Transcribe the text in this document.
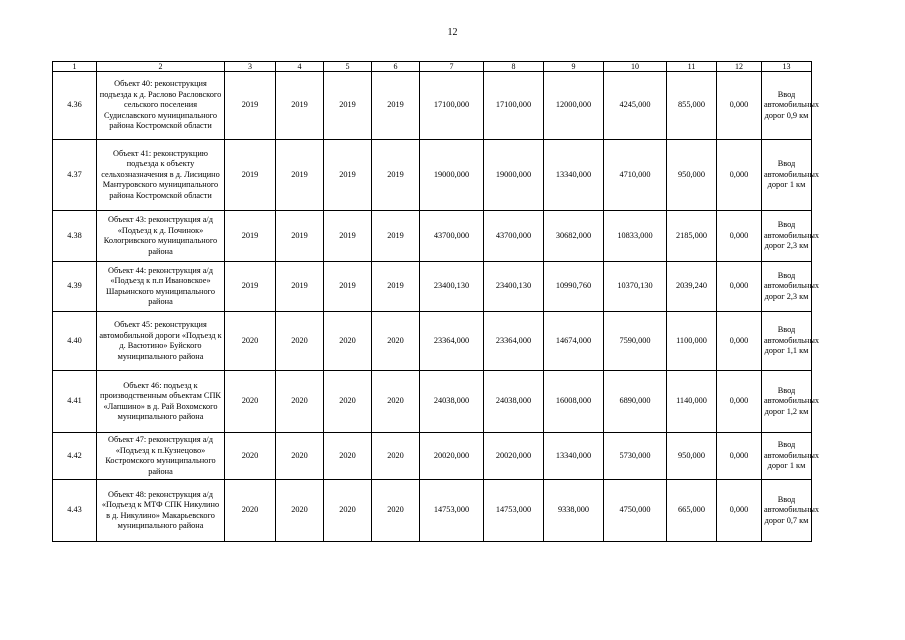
12
1	2	3	4	5	6	7	8	9	10	11	12	13
4.36	Объект 40: реконструкция подъезда к д. Раслово Расловского сельского поселения Судиславского муниципального района Костромской области	2019	2019	2019	2019	17100,000	17100,000	12000,000	4245,000	855,000	0,000	Ввод автомобильных дорог 0,9 км
4.37	Объект 41: реконструкцию подъезда к объекту сельхозназначения в д. Лисицино Мантуровского муниципального района Костромской области	2019	2019	2019	2019	19000,000	19000,000	13340,000	4710,000	950,000	0,000	Ввод автомобильных дорог 1 км
4.38	Объект 43: реконструкция а/д «Подъезд к д. Починок» Кологривского муниципального района	2019	2019	2019	2019	43700,000	43700,000	30682,000	10833,000	2185,000	0,000	Ввод автомобильных дорог 2,3 км
4.39	Объект 44: реконструкция а/д «Подъезд к п.п Ивановское» Шарьинского муниципального района	2019	2019	2019	2019	23400,130	23400,130	10990,760	10370,130	2039,240	0,000	Ввод автомобильных дорог 2,3 км
4.40	Объект 45: реконструкция автомобильной дороги «Подъезд к д. Васютино» Буйского муниципального района	2020	2020	2020	2020	23364,000	23364,000	14674,000	7590,000	1100,000	0,000	Ввод автомобильных дорог 1,1 км
4.41	Объект 46: подъезд к производственным объектам СПК «Лапшино» в д. Рай Вохомского муниципального района	2020	2020	2020	2020	24038,000	24038,000	16008,000	6890,000	1140,000	0,000	Ввод автомобильных дорог 1,2 км
4.42	Объект 47: реконструкция а/д «Подъезд к п.Кузнецово» Костромского муниципального района	2020	2020	2020	2020	20020,000	20020,000	13340,000	5730,000	950,000	0,000	Ввод автомобильных дорог 1 км
4.43	Объект 48: реконструкция а/д «Подъезд к МТФ СПК Никулино в д. Никулино» Макарьевского муниципального района	2020	2020	2020	2020	14753,000	14753,000	9338,000	4750,000	665,000	0,000	Ввод автомобильных дорог 0,7 км
